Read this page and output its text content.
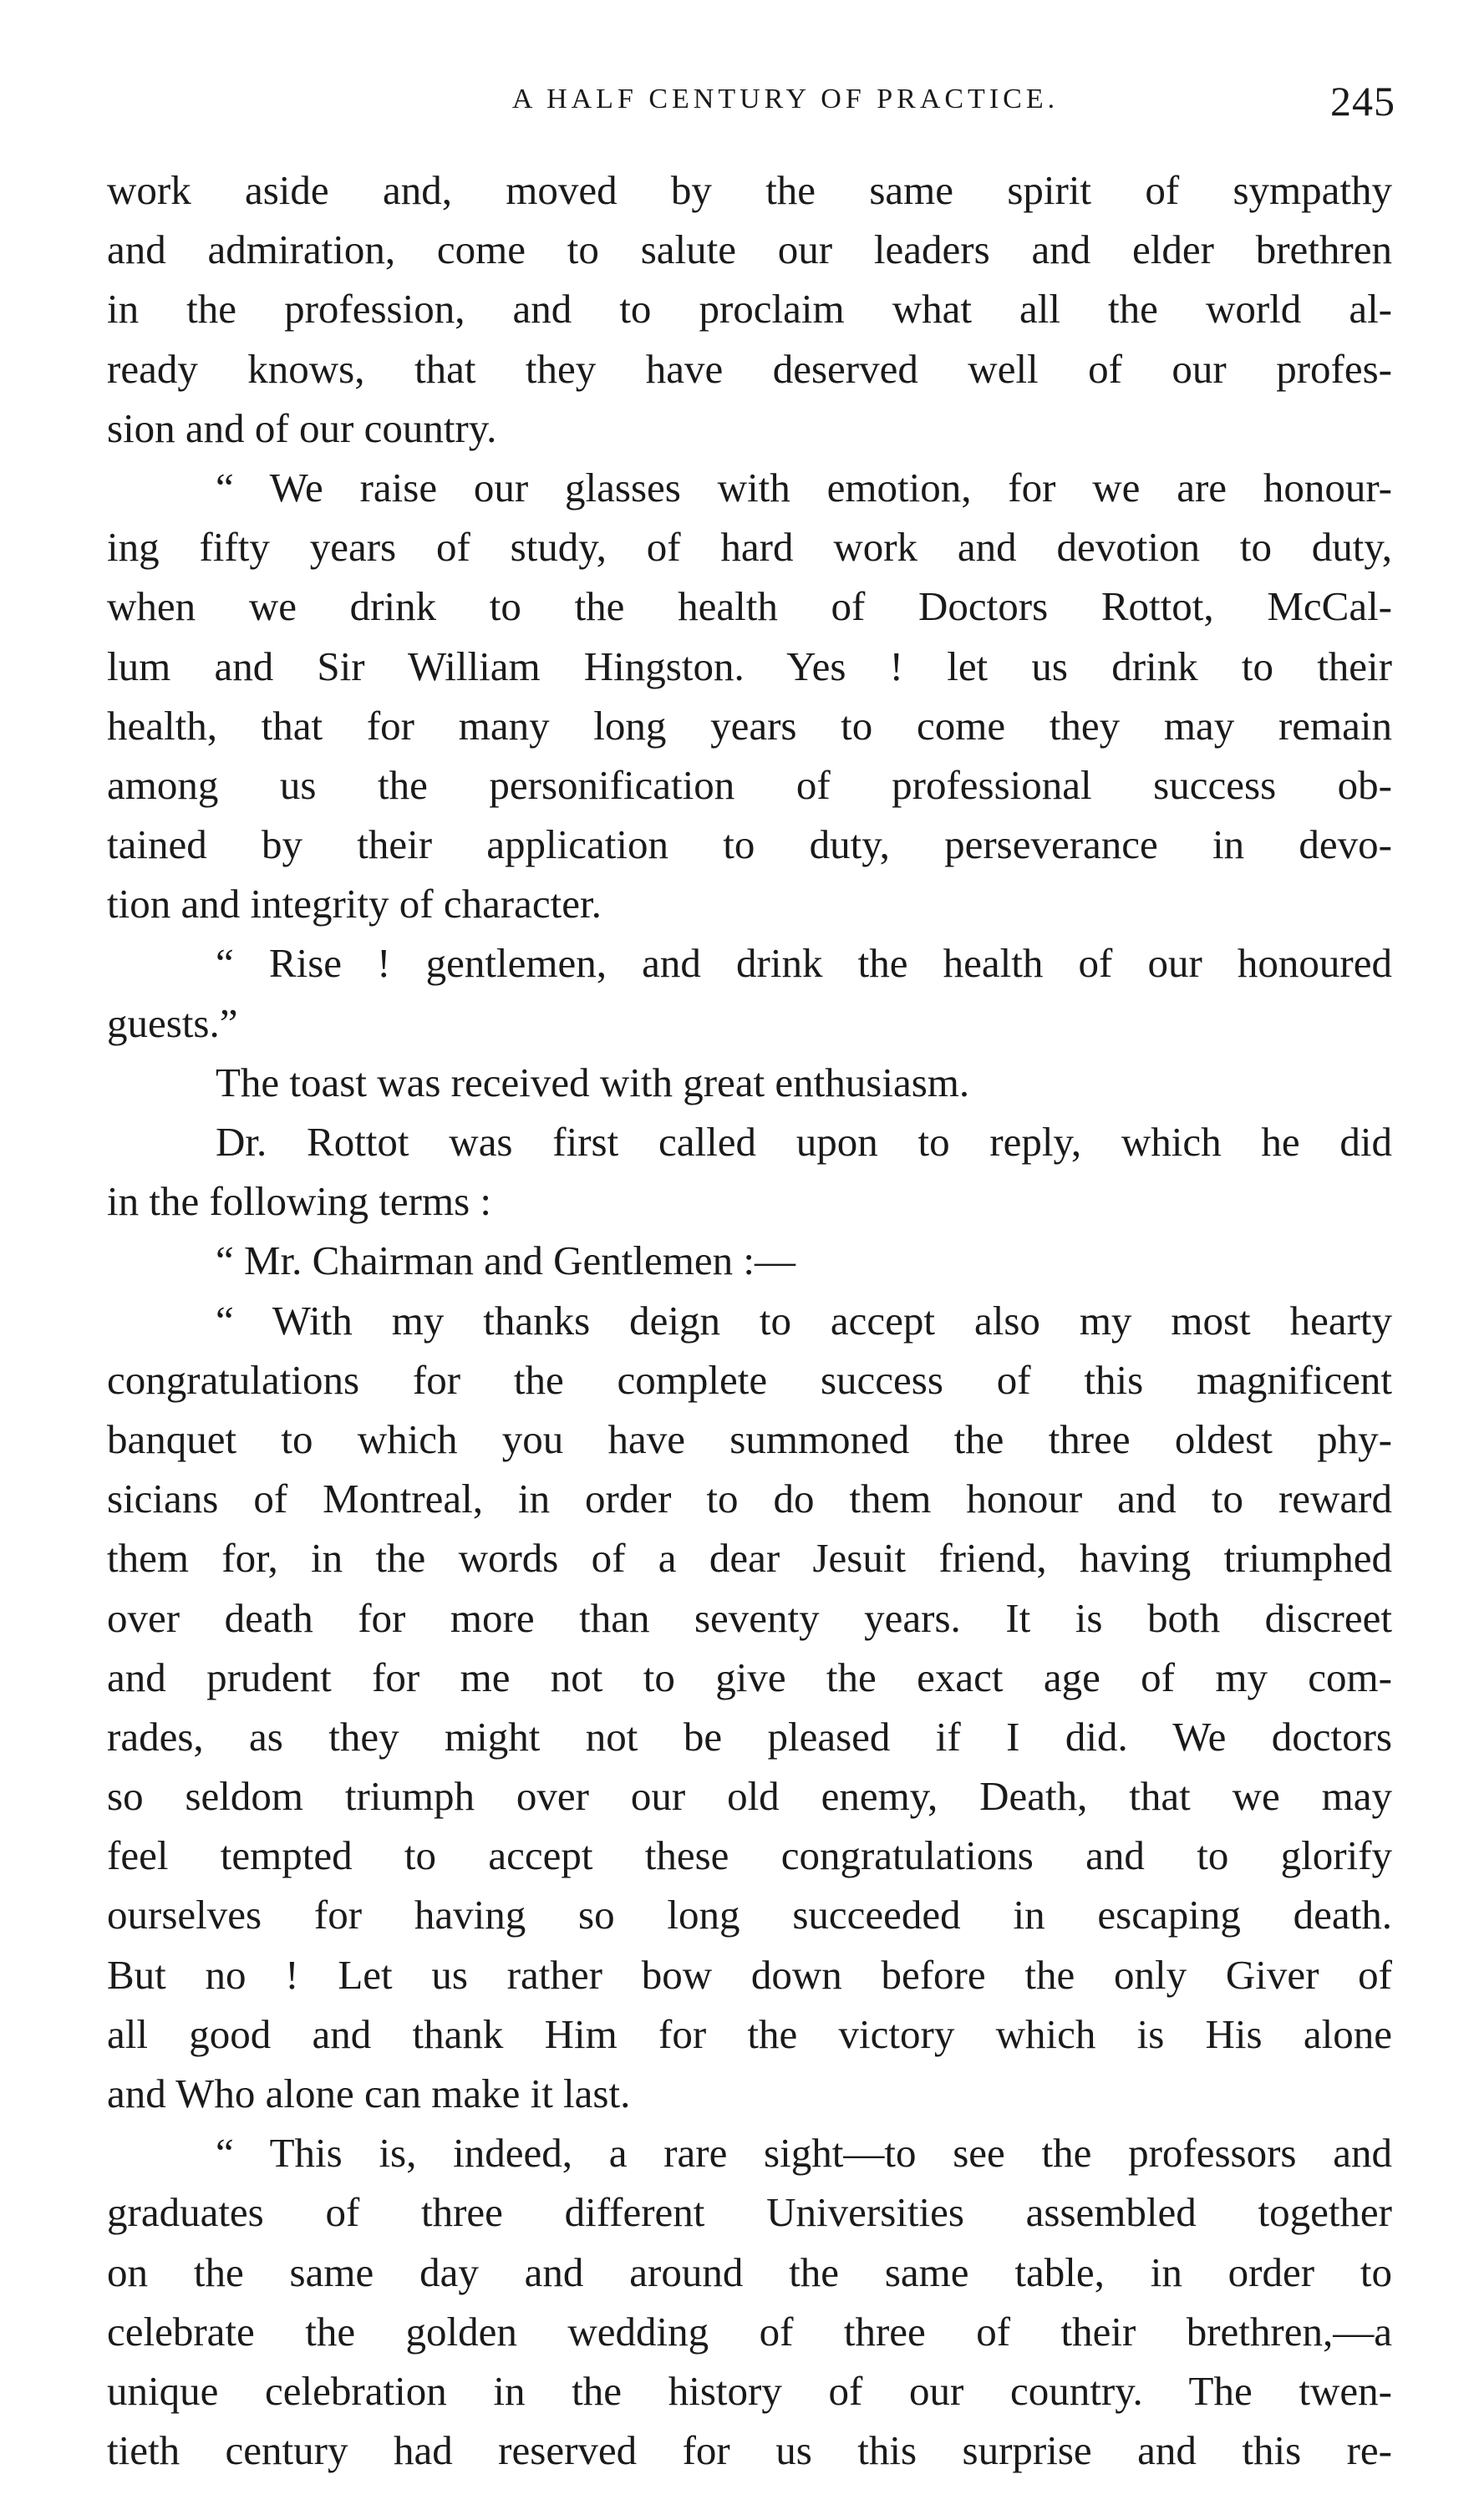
A HALF CENTURY OF PRACTICE.	245
work aside and, moved by the same spirit of sympathy
and admiration, come to salute our leaders and elder brethren
in the profession, and to proclaim what all the world al-
ready knows, that they have deserved well of our profes-
sion and of our country.
“ We raise our glasses with emotion, for we are honour-
ing fifty years of study, of hard work and devotion to duty,
when we drink to the health of Doctors Rottot, McCal-
lum and Sir William Hingston. Yes ! let us drink to their
health, that for many long years to come they may remain
among us the personification of professional success ob-
tained by their application to duty, perseverance in devo-
tion and integrity of character.
“ Rise ! gentlemen, and drink the health of our honoured
guests.”
The toast was received with great enthusiasm.
Dr. Rottot was first called upon to reply, which he did
in the following terms :
“ Mr. Chairman and Gentlemen :—
“ With my thanks deign to accept also my most hearty
congratulations for the complete success of this magnificent
banquet to which you have summoned the three oldest phy-
sicians of Montreal, in order to do them honour and to reward
them for, in the words of a dear Jesuit friend, having triumphed
over death for more than seventy years. It is both discreet
and prudent for me not to give the exact age of my com-
rades, as they might not be pleased if I did. We doctors
so seldom triumph over our old enemy, Death, that we may
feel tempted to accept these congratulations and to glorify
ourselves for having so long succeeded in escaping death.
But no ! Let us rather bow down before the only Giver of
all good and thank Him for the victory which is His alone
and Who alone can make it last.
“ This is, indeed, a rare sight—to see the professors and
graduates of three different Universities assembled together
on the same day and around the same table, in order to
celebrate the golden wedding of three of their brethren,—a
unique celebration in the history of our country. The twen-
tieth century had reserved for us this surprise and this re-
